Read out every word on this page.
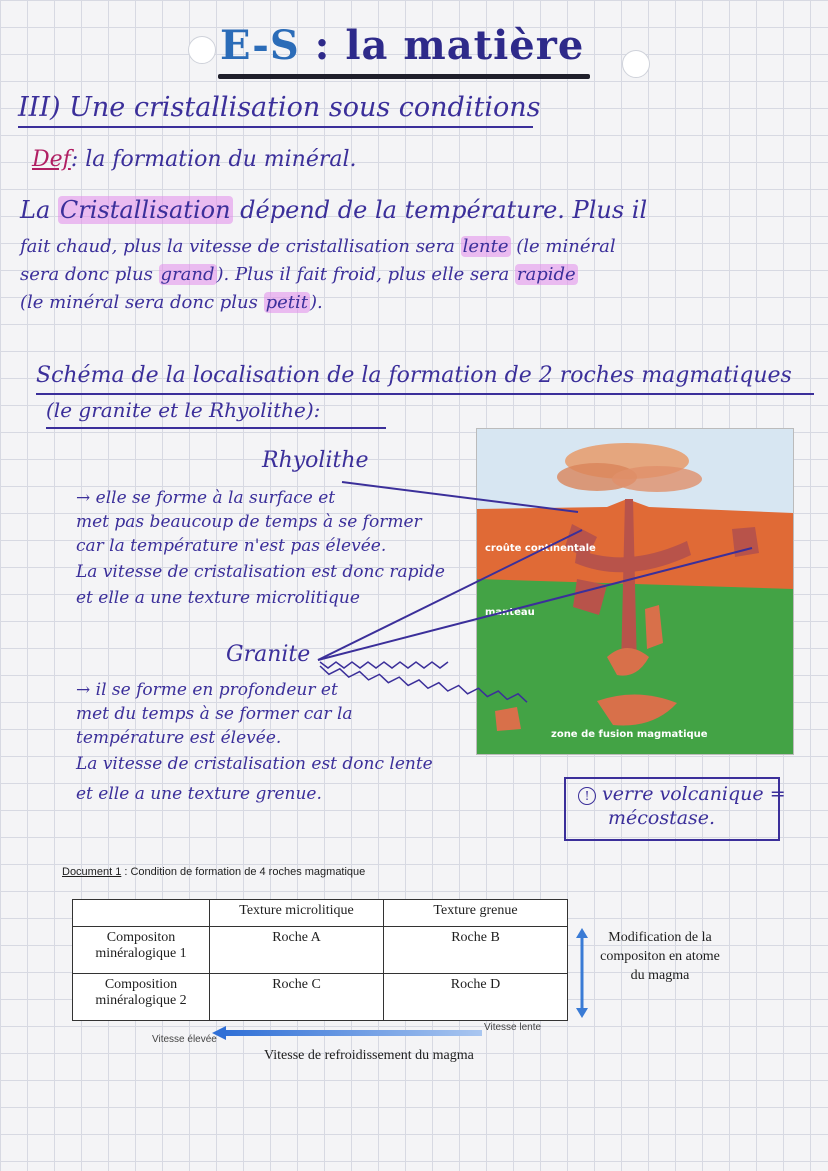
E-S : la matière
III) Une cristallisation sous conditions
Def: la formation du minéral.
La Cristallisation dépend de la température. Plus il
fait chaud, plus la vitesse de cristallisation sera lente (le minéral
sera donc plus grand ). Plus il fait froid, plus elle sera rapide
(le minéral sera donc plus petit ).
Schéma de la localisation de la formation de 2 roches magmatiques
(le granite et le Rhyolithe):
Rhyolithe
→ elle se forme à la surface et
met pas beaucoup de temps à se former
car la température n'est pas élevée.
La vitesse de cristalisation est donc rapide
et elle a une texture microlitique
Granite
→ il se forme en profondeur et
met du temps à se former car la
température est élevée.
La vitesse de cristalisation est donc lente
et elle a une texture grenue.
croûte continentale
manteau
zone de fusion magmatique
! verre volcanique =
mécostase.
Document 1 : Condition de formation de 4 roches magmatique
	Texture microlitique	Texture grenue
Compositon minéralogique 1	Roche A	Roche B
Composition minéralogique 2	Roche C	Roche D
Modification de la compositon en atome du magma
Vitesse élevée
Vitesse lente
Vitesse de refroidissement du magma
